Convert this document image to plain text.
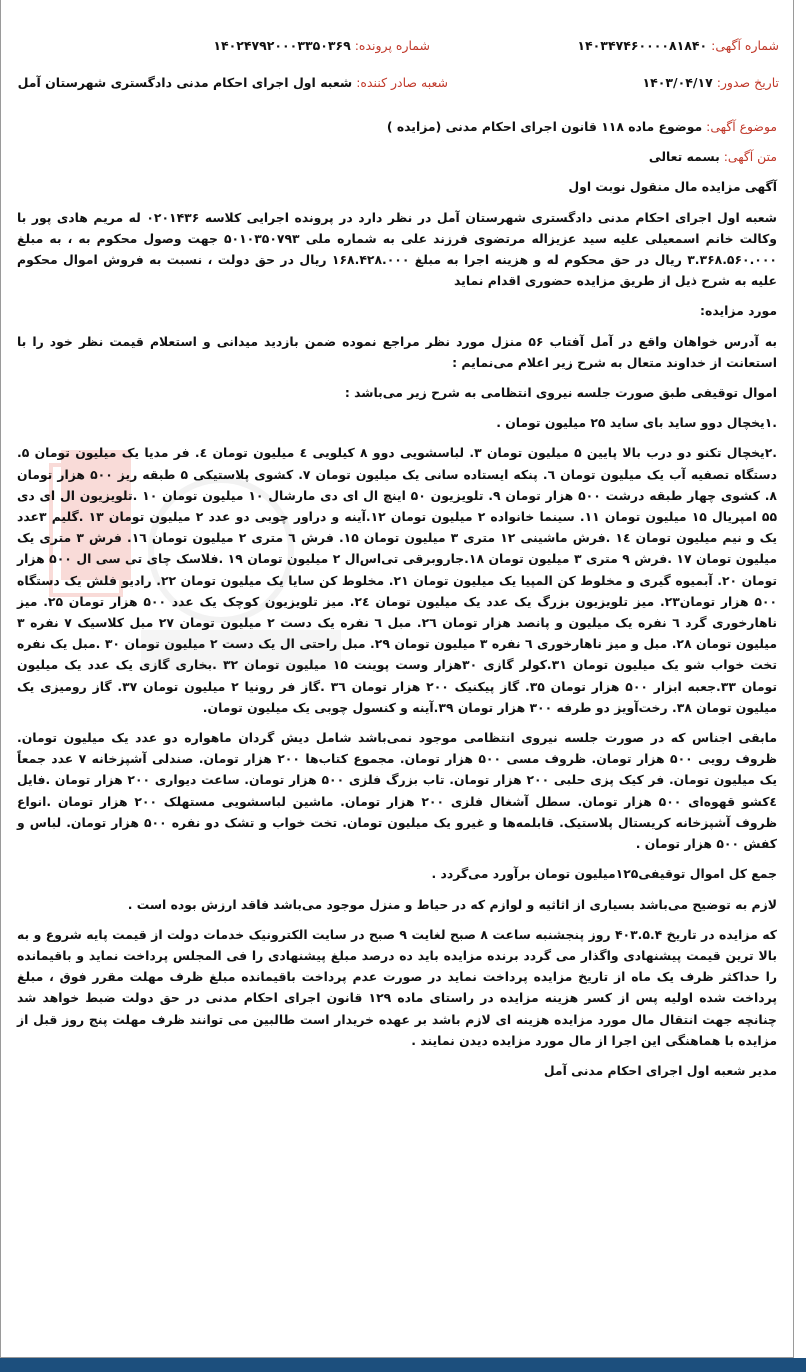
شماره آگهی: ۱۴۰۳۴۷۴۶۰۰۰۰۸۱۸۴۰
شماره پرونده: ۱۴۰۲۴۷۹۲۰۰۰۳۳۵۰۳۶۹
تاریخ صدور: ۱۴۰۳/۰۴/۱۷
شعبه صادر کننده: شعبه اول اجرای احکام مدنی دادگستری شهرستان آمل

موضوع آگهی: موضوع ماده ۱۱۸ قانون اجرای احکام مدنی (مزایده )

متن آگهی: بسمه تعالی

آگهی مزایده مال منقول نوبت اول

شعبه اول اجرای احکام مدنی دادگستری شهرستان آمل در نظر دارد در پرونده اجرایی کلاسه ۰۲۰۱۴۳۶ له مریم هادی پور با وکالت خانم اسمعیلی علیه سید عزیزاله مرتضوی فرزند علی به شماره ملی ۵۰۱۰۳۵۰۷۹۳ جهت وصول محکوم به ، به مبلغ ۳.۳۶۸.۵۶۰.۰۰۰ ریال در حق محکوم له و هزینه اجرا به مبلغ ۱۶۸.۴۲۸.۰۰۰ ریال در حق دولت ، نسبت به فروش اموال محکوم علیه به شرح ذیل از طریق مزایده حضوری اقدام نماید

مورد مزایده:

به آدرس خواهان واقع در آمل آفتاب ۵۶ منزل مورد نظر مراجع نموده ضمن بازدید میدانی و استعلام قیمت نظر خود را با استعانت از خداوند متعال به شرح زیر اعلام می‌نمایم :

اموال توقیفی طبق صورت جلسه نیروی انتظامی به شرح زیر می‌باشد :

.۱یخچال دوو ساید بای ساید ۲۵ میلیون تومان .

.۲یخچال تکنو دو درب بالا پایین ۵ میلیون تومان ۳. لباسشویی دوو ۸ کیلویی ٤ میلیون تومان ٤. فر مدیا یک میلیون تومان ۵. دستگاه تصفیه آب یک میلیون تومان ٦. پنکه ایستاده سانی یک میلیون تومان ۷. کشوی پلاستیکی ۵ طبقه ریز ۵۰۰ هزار تومان ۸. کشوی چهار طبقه درشت ۵۰۰ هزار تومان ۹. تلویزیون ۵۰ اینچ ال ای دی مارشال ۱۰ میلیون تومان ۱۰ .تلویزیون ال ای دی ۵۵ امپریال ۱۵ میلیون تومان ۱۱. سینما خانواده ۲ میلیون تومان ۱۲.آینه و دراور چوبی دو عدد ۲ میلیون تومان ۱۳ .گلیم ۳عدد یک و نیم میلیون تومان ۱٤ .فرش ماشینی ۱۲ متری ۳ میلیون تومان ۱۵. فرش ٦ متری ۲ میلیون تومان ۱٦. فرش ۳ متری یک میلیون تومان ۱۷ .فرش ۹ متری ۳ میلیون تومان ۱۸.جاروبرقی تی‌اس‌ال ۲ میلیون تومان ۱۹ .فلاسک چای تی سی ال ۵۰۰ هزار تومان ۲۰. آبمیوه گیری و مخلوط کن المپیا یک میلیون تومان ۲۱. مخلوط کن سایا یک میلیون تومان ۲۲. رادیو فلش یک دستگاه ۵۰۰ هزار تومان۲۳. میز تلویزیون بزرگ یک عدد یک میلیون تومان ۲٤. میز تلویزیون کوچک یک عدد ۵۰۰ هزار تومان ۲۵. میز ناهارخوری گرد ٦ نفره یک میلیون و پانصد هزار تومان ۲٦. مبل ٦ نفره یک دست ۲ میلیون تومان ۲۷ مبل کلاسیک ۷ نفره ۳ میلیون تومان ۲۸. مبل و میز ناهارخوری ٦ نفره ۳ میلیون تومان ۲۹. مبل راحتی ال یک دست ۲ میلیون تومان ۳۰ .مبل یک نفره تخت خواب شو یک میلیون تومان ۳۱.کولر گازی ۳۰هزار وست پوینت ۱۵ میلیون تومان ۳۲ .بخاری گازی یک عدد یک میلیون تومان ۳۳.جعبه ابزار ۵۰۰ هزار تومان ۳۵. گاز پیکنیک ۲۰۰ هزار تومان ۳٦ .گاز فر رونیا ۲ میلیون تومان ۳۷. گاز رومیزی یک میلیون تومان ۳۸. رخت‌آویز دو طرفه ۳۰۰ هزار تومان ۳۹.آینه و کنسول چوبی یک میلیون تومان.

مابقی اجناس که در صورت جلسه نیروی انتظامی موجود نمی‌باشد شامل دیش گردان ماهواره دو عدد یک میلیون تومان. ظروف رویی ۵۰۰ هزار تومان. ظروف مسی ۵۰۰ هزار تومان. مجموع کتاب‌ها ۲۰۰ هزار تومان. صندلی آشپزخانه ۷ عدد جمعاً یک میلیون تومان. فر کیک پزی حلبی ۲۰۰ هزار تومان. تاب بزرگ فلزی ۵۰۰ هزار تومان. ساعت دیواری ۲۰۰ هزار تومان .فایل ٤کشو قهوه‌ای ۵۰۰ هزار تومان. سطل آشغال فلزی ۲۰۰ هزار تومان. ماشین لباسشویی مستهلک ۲۰۰ هزار تومان .انواع ظروف آشپزخانه کریستال پلاستیک. قابلمه‌ها و غیرو یک میلیون تومان. تخت خواب و تشک دو نفره ۵۰۰ هزار تومان. لباس و کفش ۵۰۰ هزار تومان .

جمع کل اموال توقیفی۱۲۵میلیون تومان برآورد می‌گردد .

لازم به توضیح می‌باشد بسیاری از اثاثیه و لوازم که در حیاط و منزل موجود می‌باشد فاقد ارزش بوده است .

که مزایده در تاریخ ۴۰۳.۵.۴ روز پنجشنبه ساعت ۸ صبح لغایت ۹ صبح در سایت الکترونیک خدمات دولت از قیمت پایه شروع و به بالا ترین قیمت پیشنهادی واگذار می گردد برنده مزایده باید ده درصد مبلغ پیشنهادی را فی المجلس پرداخت نماید و باقیمانده را حداکثر ظرف یک ماه از تاریخ مزایده پرداخت نماید در صورت عدم پرداخت باقیمانده مبلغ ظرف مهلت مقرر فوق ، مبلغ پرداخت شده اولیه پس از کسر هزینه مزایده در راستای ماده ۱۲۹ قانون اجرای احکام مدنی در حق دولت ضبط خواهد شد چنانچه جهت انتقال مال مورد مزایده هزینه ای لازم باشد بر عهده خریدار است طالبین می توانند ظرف مهلت پنج روز قبل از مزایده با هماهنگی این اجرا از مال مورد مزایده دیدن نمایند .

مدیر شعبه اول اجرای احکام مدنی آمل
